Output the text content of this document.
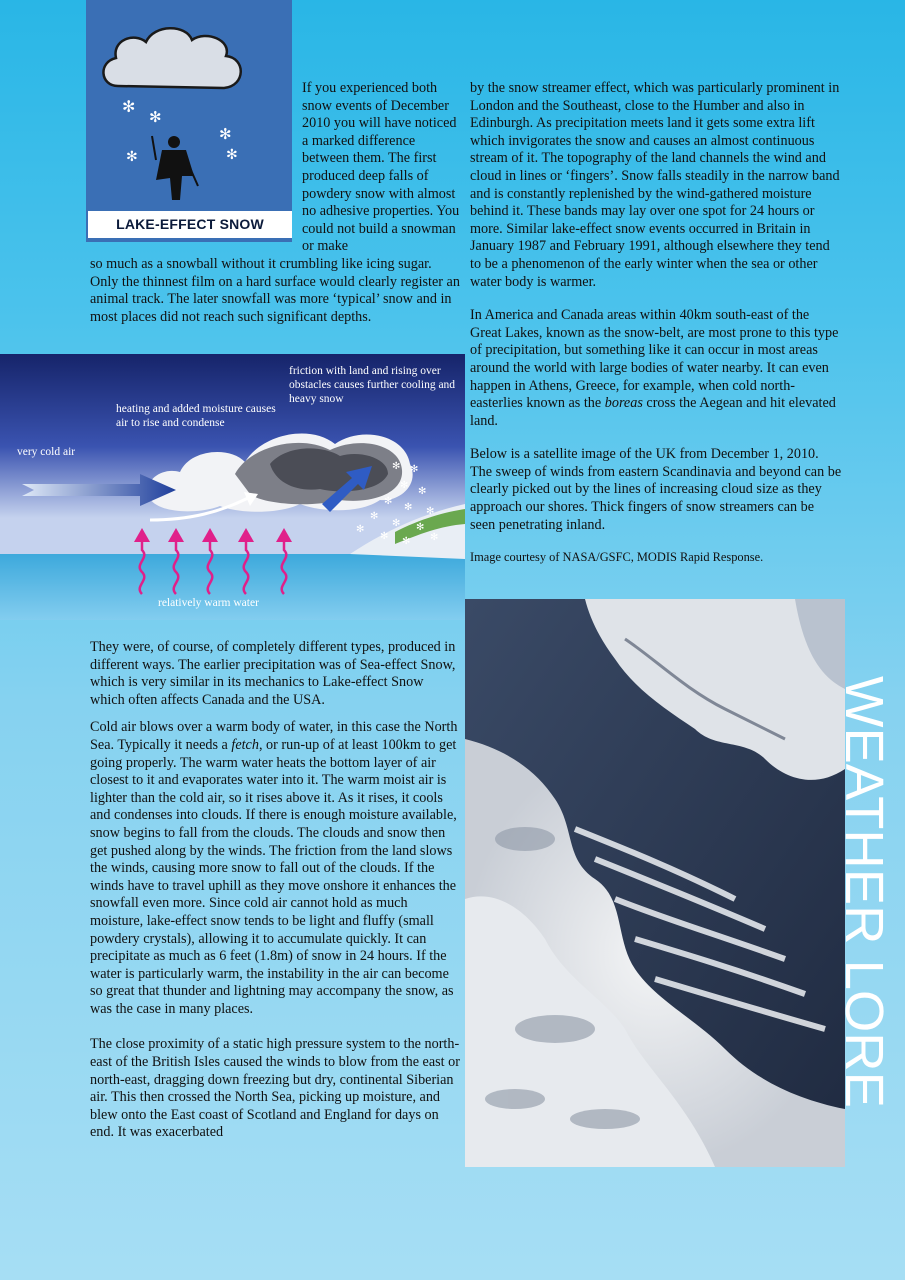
✻
✻
✻
✻	✻
LAKE-EFFECT SNOW

If you experienced both snow events of December 2010 you will have noticed a marked difference between them. The first produced deep falls of powdery snow with almost no adhesive properties. You could not build a snowman or make

so much as a snowball without it crumbling like icing sugar. Only the thinnest film on a hard surface would clearly register an animal track. The later snowfall was more ‘typical’ snow and in most places did not reach such significant depths.

✻ ✻
✻
✻
✻
✻ ✻
✻
✻ ✻
✻
✻ ✻ ✻
friction with land and rising over obstacles causes further cooling and heavy snow
heating and added moisture causes air to rise and condense
very cold air
relatively warm water

They were, of course, of completely different types, produced in different ways. The earlier precipitation was of Sea-effect Snow, which is very similar in its mechanics to Lake-effect Snow which often affects Canada and the USA.

Cold air blows over a warm body of water, in this case the North Sea. Typically it needs a fetch, or run-up of at least 100km to get going properly. The warm water heats the bottom layer of air closest to it and evaporates water into it. The warm moist air is lighter than the cold air, so it rises above it. As it rises, it cools and condenses into clouds. If there is enough moisture available, snow begins to fall from the clouds. The clouds and snow then get pushed along by the winds. The friction from the land slows the winds, causing more snow to fall out of the clouds. If the winds have to travel uphill as they move onshore it enhances the snowfall even more. Since cold air cannot hold as much moisture, lake-effect snow tends to be light and fluffy (small powdery crystals), allowing it to accumulate quickly. It can precipitate as much as 6 feet (1.8m) of snow in 24 hours. If the water is particularly warm, the instability in the air can become so great that thunder and lightning may accompany the snow, as was the case in many places.

The close proximity of a static high pressure system to the north-east of the British Isles caused the winds to blow from the east or north-east, dragging down freezing but dry, continental Siberian air. This then crossed the North Sea, picking up moisture, and blew onto the East coast of Scotland and England for days on end. It was exacerbated

by the snow streamer effect, which was particularly prominent in London and the Southeast, close to the Humber and also in Edinburgh. As precipitation meets land it gets some extra lift which invigorates the snow and causes an almost continuous stream of it. The topography of the land channels the wind and cloud in lines or ‘fingers’. Snow falls steadily in the narrow band and is constantly replenished by the wind-gathered moisture behind it. These bands may lay over one spot for 24 hours or more. Similar lake-effect snow events occurred in Britain in January 1987 and February 1991, although elsewhere they tend to be a phenomenon of the early winter when the sea or other water body is warmer.

In America and Canada areas within 40km south-east of the Great Lakes, known as the snow-belt, are most prone to this type of precipitation, but something like it can occur in most areas around the world with large bodies of water nearby. It can even happen in Athens, Greece, for example, when cold north-easterlies known as the boreas cross the Aegean and hit elevated land.

Below is a satellite image of the UK from December 1, 2010. The sweep of winds from eastern Scandinavia and beyond can be clearly picked out by the lines of increasing cloud size as they approach our shores. Thick fingers of snow streamers can be seen penetrating inland.

Image courtesy of NASA/GSFC, MODIS Rapid Response.

WEATHER LORE
